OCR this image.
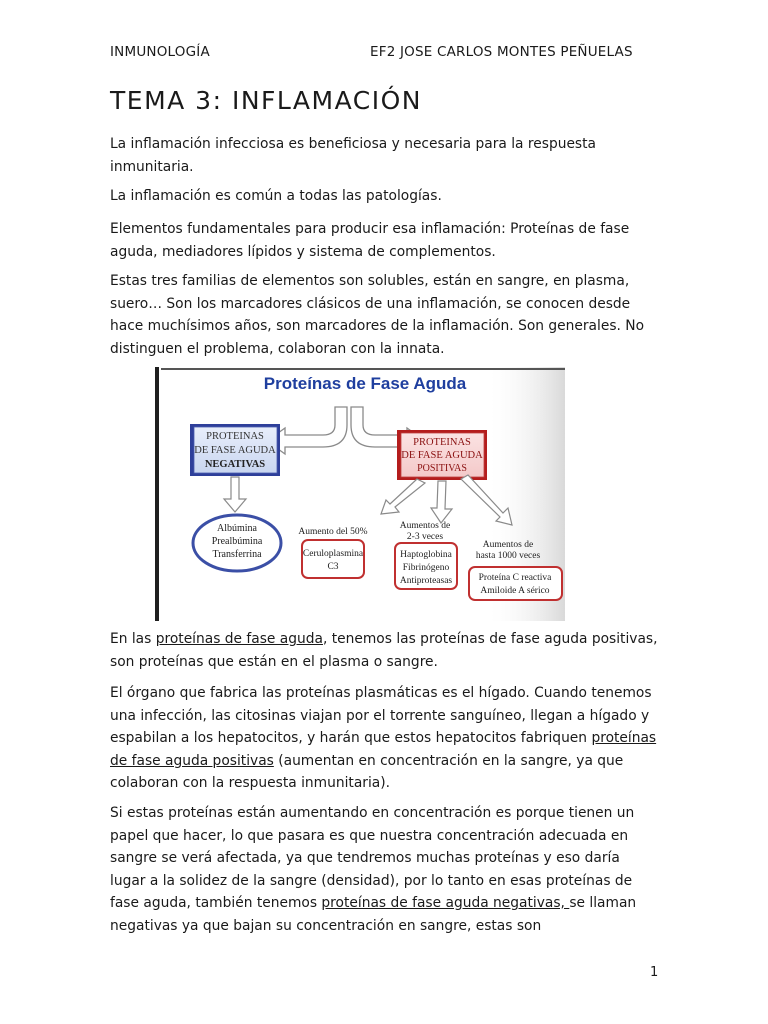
INMUNOLOGÍA	EF2 JOSE CARLOS MONTES PEÑUELAS
TEMA 3: INFLAMACIÓN

La inflamación infecciosa es beneficiosa y necesaria para la respuesta inmunitaria.

La inflamación es común a todas las patologías.

Elementos fundamentales para producir esa inflamación: Proteínas de fase aguda, mediadores lípidos y sistema de complementos.

Estas tres familias de elementos son solubles, están en sangre, en plasma, suero… Son los marcadores clásicos de una inflamación, se conocen desde hace muchísimos años, son marcadores de la inflamación. Son generales. No distinguen el problema, colaboran con la innata.

Proteínas de Fase Aguda
PROTEINAS
DE FASE AGUDA
NEGATIVAS
Albúmina
Prealbúmina
Transferrina
PROTEINAS
DE FASE AGUDA
POSITIVAS
Aumento del 50%
Aumentos de
2-3 veces
Aumentos de
hasta 1000 veces
Ceruloplasmina
C3
Haptoglobina
Fibrinógeno
Antiproteasas	Proteína C reactiva
Amiloide A sérico

En las proteínas de fase aguda, tenemos las proteínas de fase aguda positivas, son proteínas que están en el plasma o sangre.

El órgano que fabrica las proteínas plasmáticas es el hígado. Cuando tenemos una infección, las citosinas viajan por el torrente sanguíneo, llegan a hígado y espabilan a los hepatocitos, y harán que estos hepatocitos fabriquen proteínas de fase aguda positivas (aumentan en concentración en la sangre, ya que colaboran con la respuesta inmunitaria).

Si estas proteínas están aumentando en concentración es porque tienen un papel que hacer, lo que pasara es que nuestra concentración adecuada en sangre se verá afectada, ya que tendremos muchas proteínas y eso daría lugar a la solidez de la sangre (densidad), por lo tanto en esas proteínas de fase aguda, también tenemos proteínas de fase aguda negativas, se llaman negativas ya que bajan su concentración en sangre, estas son

1
